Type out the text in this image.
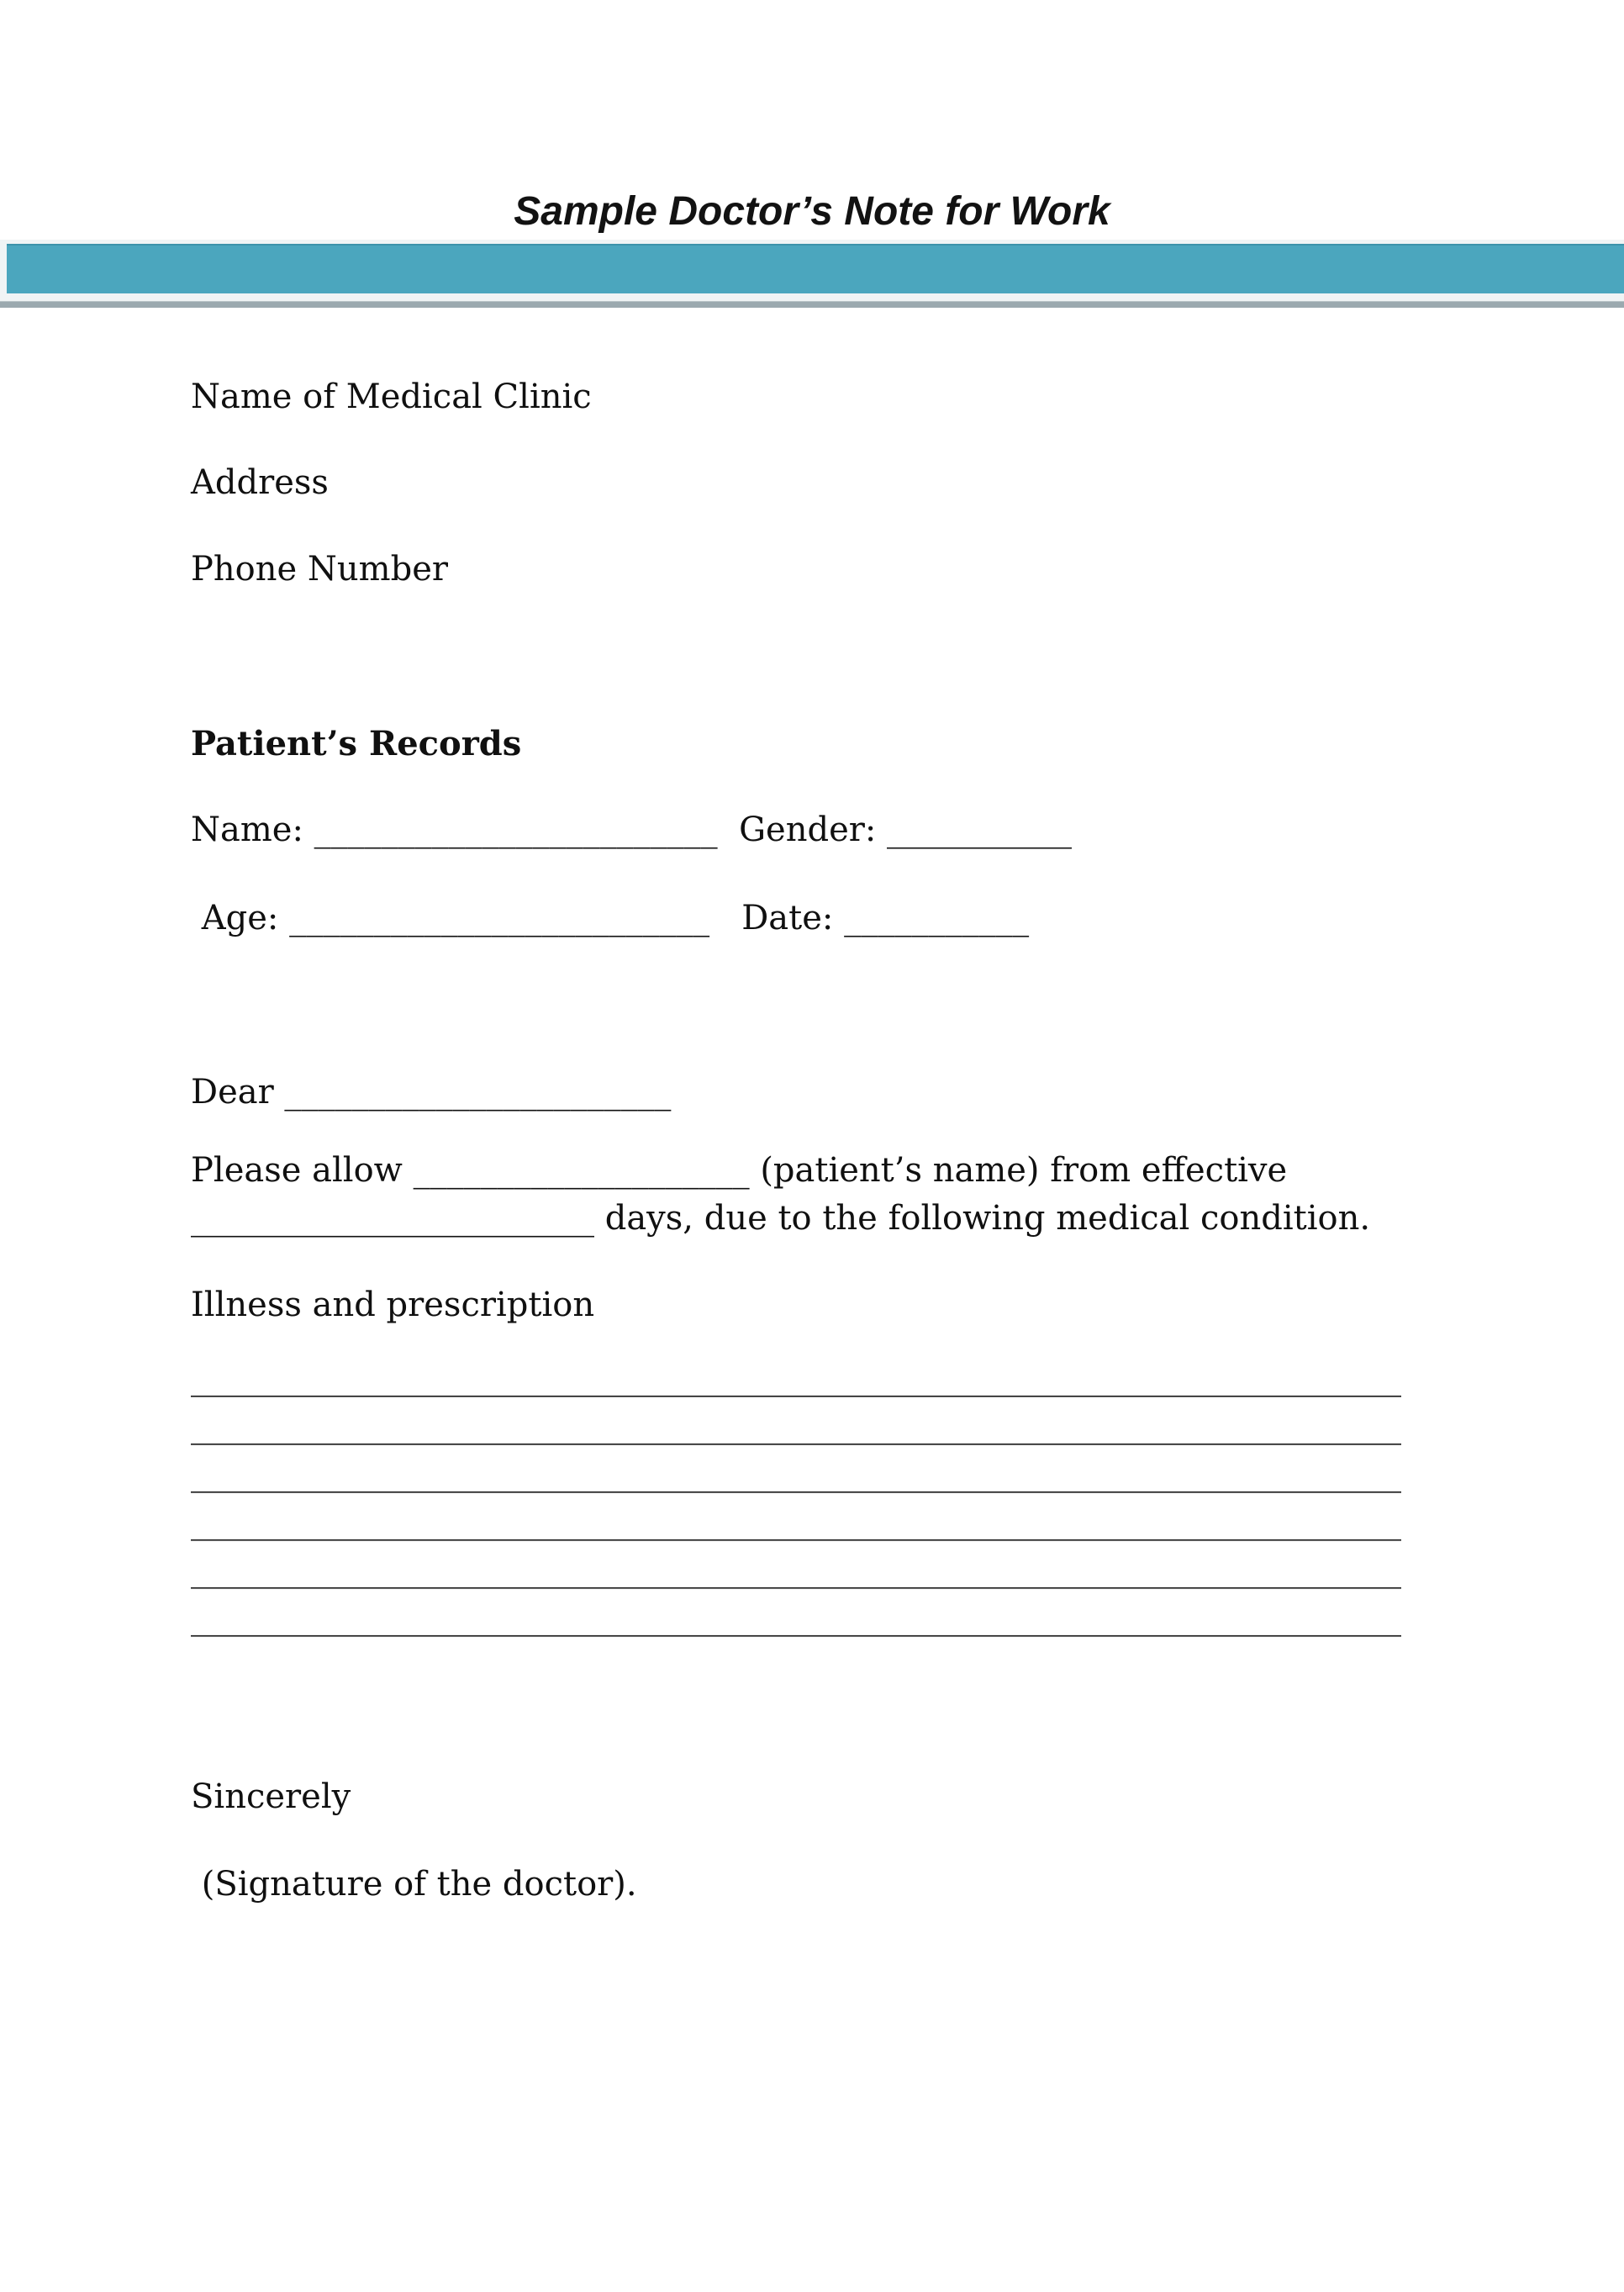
Sample Doctor’s Note for Work

Name of Medical Clinic

Address

Phone Number

Patient’s Records

Name: ________________________  Gender: ___________

Age: _________________________   Date: ___________

Dear _______________________

Please allow ____________________ (patient’s name) from effective
________________________ days, due to the following medical condition.

Illness and prescription

________________________________________________________________________

________________________________________________________________________

________________________________________________________________________

________________________________________________________________________

________________________________________________________________________

________________________________________________________________________

Sincerely

(Signature of the doctor).
